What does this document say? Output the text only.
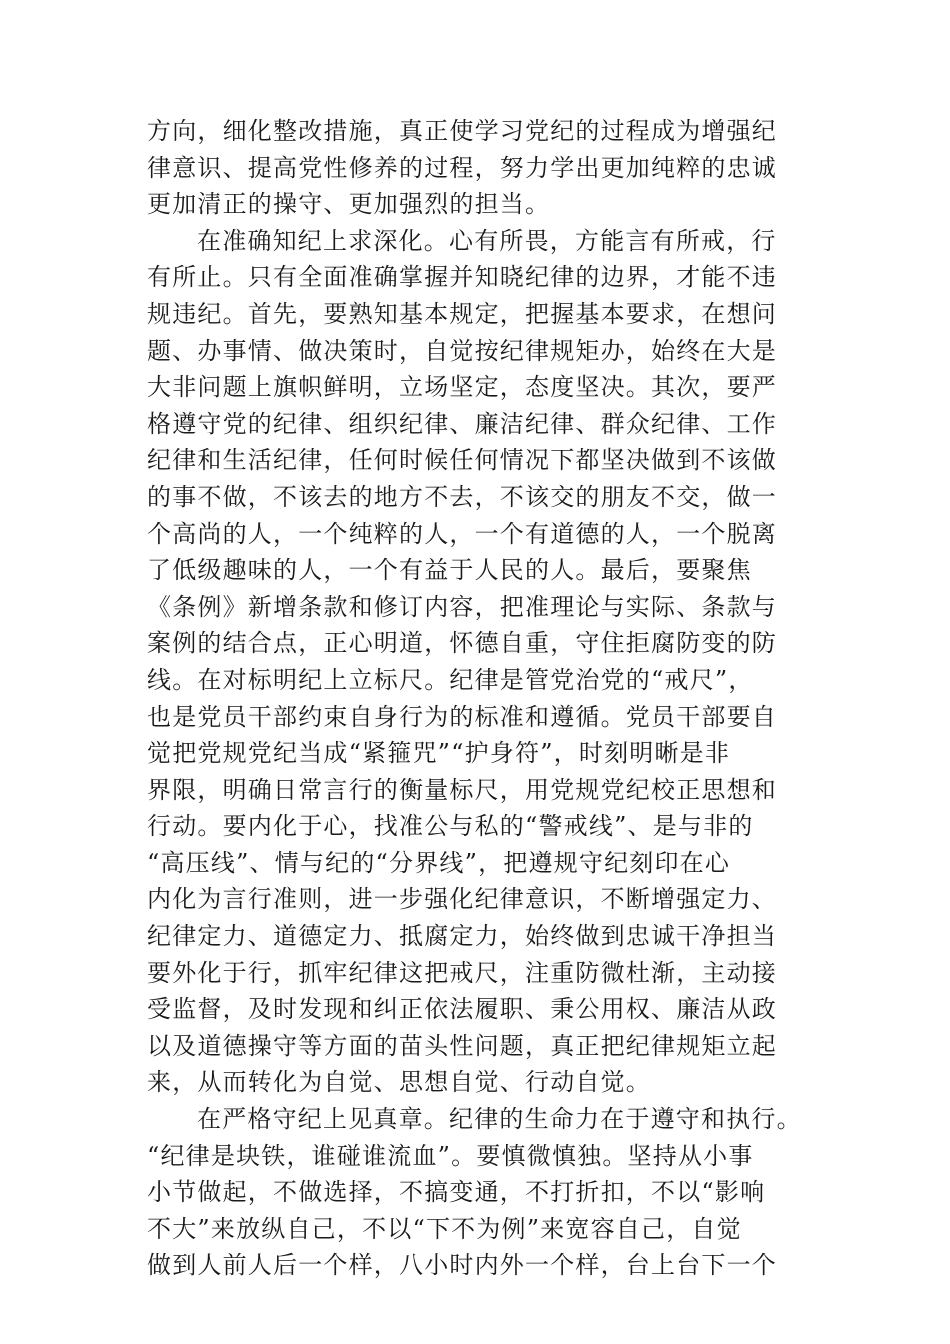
方向，细化整改措施，真正使学习党纪的过程成为增强纪
律意识、提高党性修养的过程，努力学出更加纯粹的忠诚
更加清正的操守、更加强烈的担当。
在准确知纪上求深化。心有所畏，方能言有所戒，行
有所止。只有全面准确掌握并知晓纪律的边界，才能不违
规违纪。首先，要熟知基本规定，把握基本要求，在想问
题、办事情、做决策时，自觉按纪律规矩办，始终在大是
大非问题上旗帜鲜明，立场坚定，态度坚决。其次，要严
格遵守党的纪律、组织纪律、廉洁纪律、群众纪律、工作
纪律和生活纪律，任何时候任何情况下都坚决做到不该做
的事不做，不该去的地方不去，不该交的朋友不交，做一
个高尚的人，一个纯粹的人，一个有道德的人，一个脱离
了低级趣味的人，一个有益于人民的人。最后，要聚焦
《条例》新增条款和修订内容，把准理论与实际、条款与
案例的结合点，正心明道，怀德自重，守住拒腐防变的防
线。在对标明纪上立标尺。纪律是管党治党的“戒尺”，
也是党员干部约束自身行为的标准和遵循。党员干部要自
觉把党规党纪当成“紧箍咒”“护身符”，时刻明晰是非
界限，明确日常言行的衡量标尺，用党规党纪校正思想和
行动。要内化于心，找准公与私的“警戒线”、是与非的
“高压线”、情与纪的“分界线”，把遵规守纪刻印在心
内化为言行准则，进一步强化纪律意识，不断增强定力、
纪律定力、道德定力、抵腐定力，始终做到忠诚干净担当
要外化于行，抓牢纪律这把戒尺，注重防微杜渐，主动接
受监督，及时发现和纠正依法履职、秉公用权、廉洁从政
以及道德操守等方面的苗头性问题，真正把纪律规矩立起
来，从而转化为自觉、思想自觉、行动自觉。
在严格守纪上见真章。纪律的生命力在于遵守和执行。
“纪律是块铁，谁碰谁流血”。要慎微慎独。坚持从小事
小节做起，不做选择，不搞变通，不打折扣，不以“影响
不大”来放纵自己，不以“下不为例”来宽容自己，自觉
做到人前人后一个样，八小时内外一个样，台上台下一个
